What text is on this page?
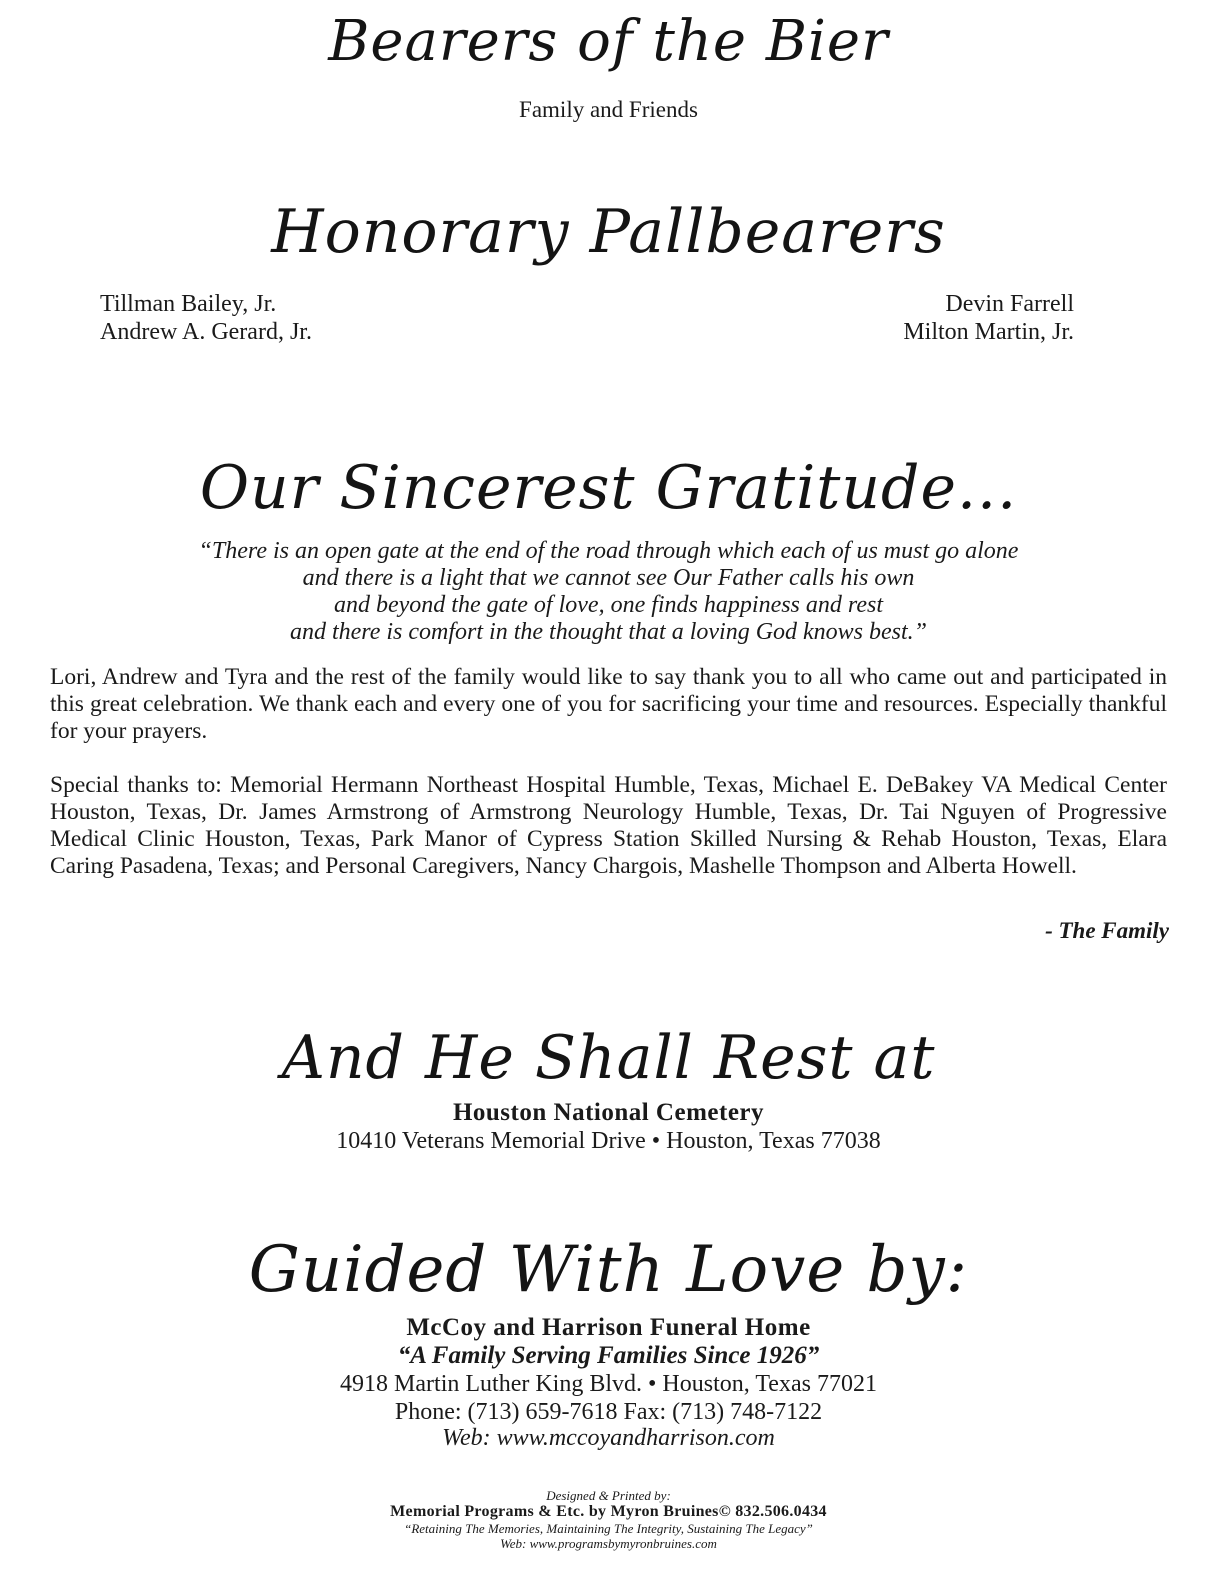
Bearers of the Bier

Family and Friends

Honorary Pallbearers
Tillman Bailey, Jr.
Andrew A. Gerard, Jr.
Devin Farrell
Milton Martin, Jr.
Our Sincerest Gratitude...
“There is an open gate at the end of the road through which each of us must go alone
and there is a light that we cannot see Our Father calls his own
and beyond the gate of love, one finds happiness and rest
and there is comfort in the thought that a loving God knows best.”

Lori, Andrew and Tyra and the rest of the family would like to say thank you to all who came out and participated in this great celebration. We thank each and every one of you for sacrificing your time and resources. Especially thankful for your prayers.

Special thanks to: Memorial Hermann Northeast Hospital Humble, Texas, Michael E. DeBakey VA Medical Center Houston, Texas, Dr. James Armstrong of Armstrong Neurology Humble, Texas, Dr. Tai Nguyen of Progressive Medical Clinic Houston, Texas, Park Manor of Cypress Station Skilled Nursing & Rehab Houston, Texas, Elara Caring Pasadena, Texas; and Personal Caregivers, Nancy Chargois, Mashelle Thompson and Alberta Howell.

- The Family
And He Shall Rest at

Houston National Cemetery

10410 Veterans Memorial Drive • Houston, Texas 77038

Guided With Love by:

McCoy and Harrison Funeral Home

“A Family Serving Families Since 1926”

4918 Martin Luther King Blvd. • Houston, Texas 77021

Phone: (713) 659-7618 Fax: (713) 748-7122

Web: www.mccoyandharrison.com

Designed & Printed by:
Memorial Programs & Etc. by Myron Bruines© 832.506.0434
“Retaining The Memories, Maintaining The Integrity, Sustaining The Legacy”
Web: www.programsbymyronbruines.com
